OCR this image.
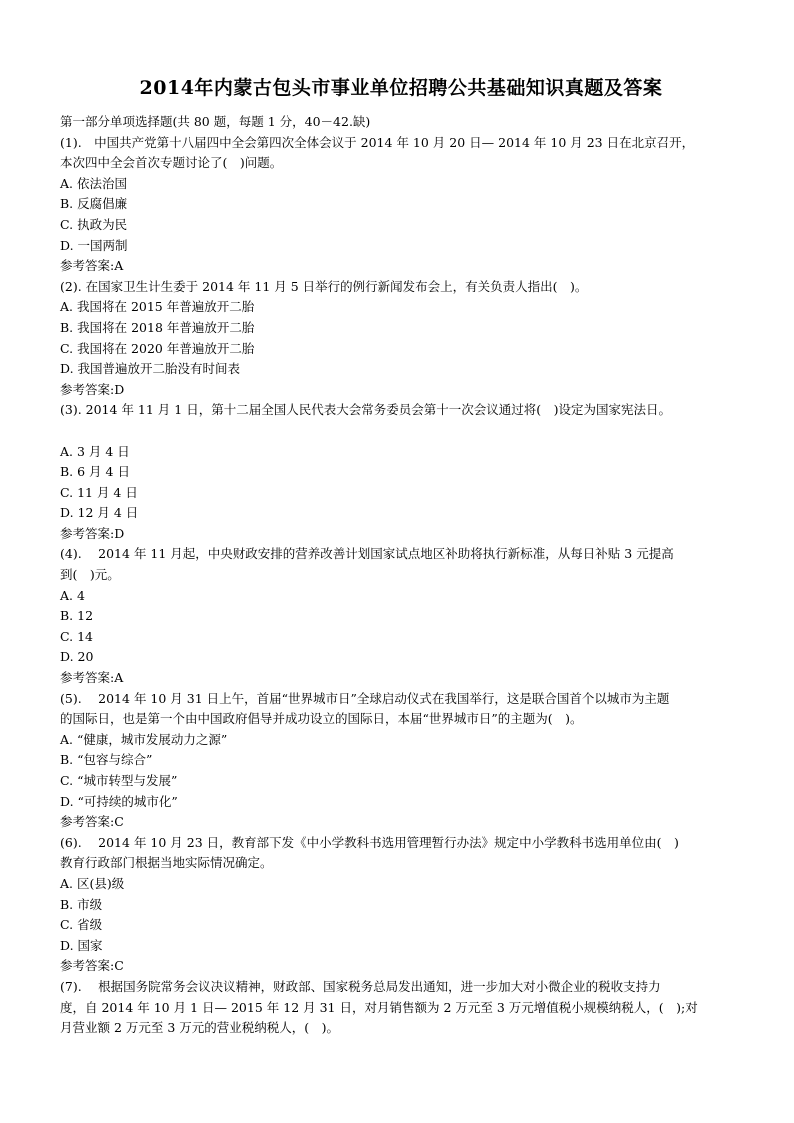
2014年内蒙古包头市事业单位招聘公共基础知识真题及答案
第一部分单项选择题(共 80 题，每题 1 分，40－42.缺)
(1).　中国共产党第十八届四中全会第四次全体会议于 2014 年 10 月 20 日— 2014 年 10 月 23 日在北京召开，
本次四中全会首次专题讨论了(　)问题。
A. 依法治国
B. 反腐倡廉
C. 执政为民
D. 一国两制
参考答案:A
(2). 在国家卫生计生委于 2014 年 11 月 5 日举行的例行新闻发布会上，有关负责人指出(　)。
A. 我国将在 2015 年普遍放开二胎
B. 我国将在 2018 年普遍放开二胎
C. 我国将在 2020 年普遍放开二胎
D. 我国普遍放开二胎没有时间表
参考答案:D
(3). 2014 年 11 月 1 日，第十二届全国人民代表大会常务委员会第十一次会议通过将(　)设定为国家宪法日。
A. 3 月 4 日
B. 6 月 4 日
C. 11 月 4 日
D. 12 月 4 日
参考答案:D
(4).　 2014 年 11 月起，中央财政安排的营养改善计划国家试点地区补助将执行新标准，从每日补贴 3 元提高
到(　)元。
A. 4
B. 12
C. 14
D. 20
参考答案:A
(5).　 2014 年 10 月 31 日上午，首届“世界城市日”全球启动仪式在我国举行，这是联合国首个以城市为主题
的国际日，也是第一个由中国政府倡导并成功设立的国际日，本届“世界城市日”的主题为(　)。
A. “健康，城市发展动力之源”
B. “包容与综合”
C. “城市转型与发展”
D. “可持续的城市化”
参考答案:C
(6).　 2014 年 10 月 23 日，教育部下发《中小学教科书选用管理暂行办法》规定中小学教科书选用单位由(　)
教育行政部门根据当地实际情况确定。
A. 区(县)级
B. 市级
C. 省级
D. 国家
参考答案:C
(7).　 根据国务院常务会议决议精神，财政部、国家税务总局发出通知，进一步加大对小微企业的税收支持力
度，自 2014 年 10 月 1 日— 2015 年 12 月 31 日，对月销售额为 2 万元至 3 万元增值税小规模纳税人，(　);对
月营业额 2 万元至 3 万元的营业税纳税人，(　)。
